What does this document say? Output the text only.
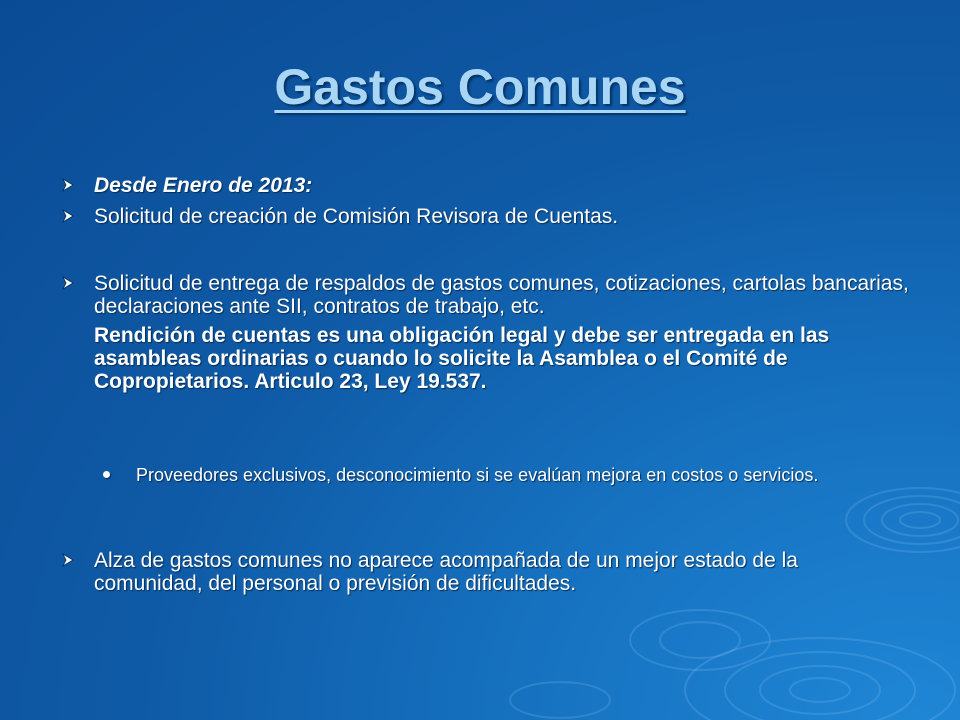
Gastos Comunes
Desde Enero de 2013:
Solicitud de creación de Comisión Revisora de Cuentas.
Solicitud de entrega de respaldos de gastos comunes, cotizaciones, cartolas bancarias, declaraciones ante SII, contratos de trabajo, etc.
Rendición de cuentas es una obligación legal y debe ser entregada en las asambleas ordinarias o cuando lo solicite la Asamblea o el Comité de Copropietarios. Articulo 23, Ley 19.537.
Proveedores exclusivos, desconocimiento si se evalúan mejora en costos o servicios.
Alza de gastos comunes no aparece acompañada de un mejor estado de la comunidad, del personal o previsión de dificultades.
